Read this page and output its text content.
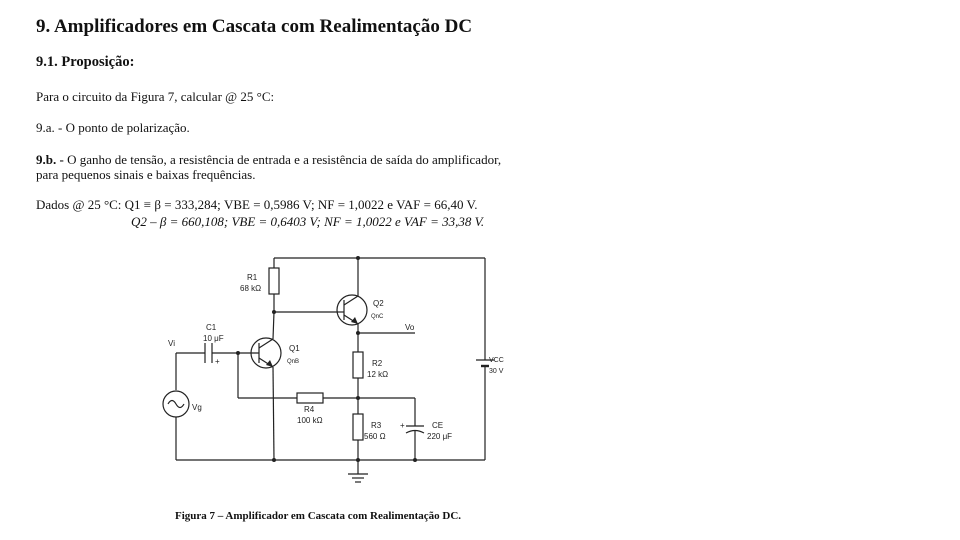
9. Amplificadores em Cascata com Realimentação DC
9.1. Proposição:

Para o circuito da Figura 7, calcular @ 25 °C:

9.a. - O ponto de polarização.

9.b. - O ganho de tensão, a resistência de entrada e a resistência de saída do amplificador,
para pequenos sinais e baixas frequências.

Dados @ 25 °C: Q1 ≡ β = 333,284; VBE = 0,5986 V; NF = 1,0022 e VAF = 66,40 V.

Q2 – β = 660,108; VBE = 0,6403 V; NF = 1,0022 e VAF = 33,38 V.

R1
68 kΩ
Q2
QnC
Vo
Q1
QnB	R2
12 kΩ
R4
100 kΩ
R3
560 Ω
CE
220 μF
+
C1
10 μF
+
Vi
Vg
VCC
30 V

Figura 7 – Amplificador em Cascata com Realimentação DC.
